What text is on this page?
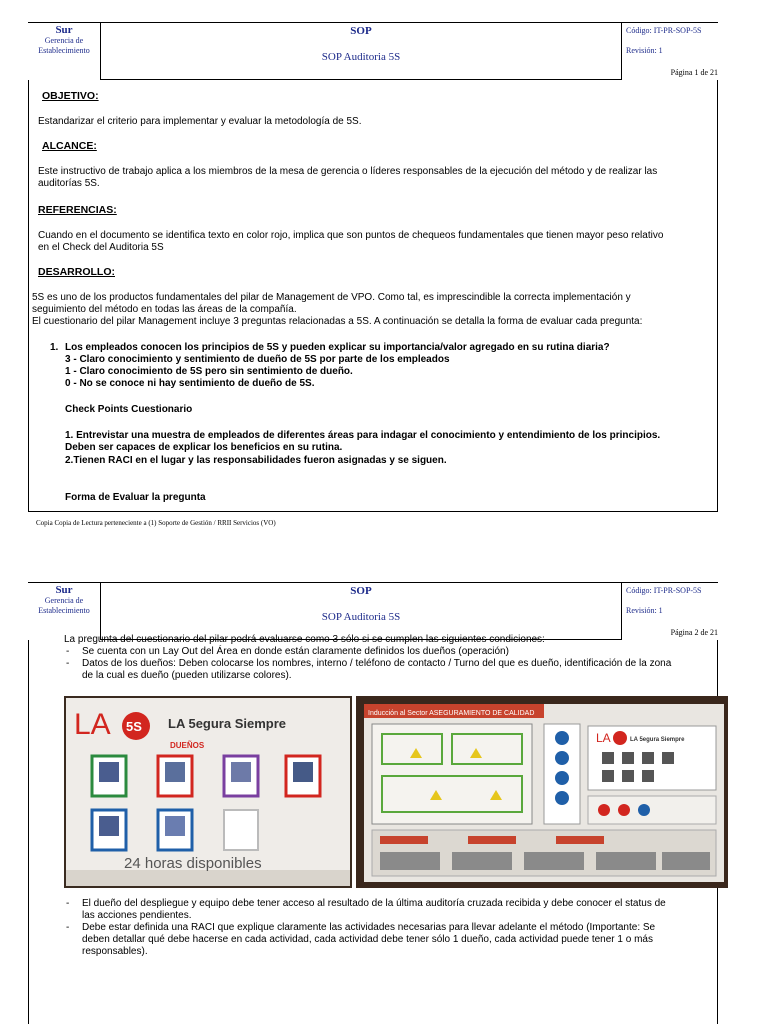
Sur
Gerencia de
Establecimiento
SOP
SOP Auditoria 5S
Código: IT-PR-SOP-5S
Revisión: 1
Página 1 de 21
OBJETIVO:
Estandarizar el criterio para implementar y evaluar la metodología de 5S.
ALCANCE:
Este instructivo de trabajo aplica a los miembros de la mesa de gerencia o líderes responsables de la ejecución del método y de realizar las
auditorías 5S.
REFERENCIAS:
Cuando en el documento se identifica texto en color rojo, implica que son puntos de chequeos fundamentales que tienen mayor peso relativo
en el Check del Auditoria 5S
DESARROLLO:
5S es uno de los productos fundamentales del pilar de Management de VPO. Como tal, es imprescindible la correcta implementación y
seguimiento del método en todas las áreas de la compañía.
El cuestionario del pilar Management incluye 3 preguntas relacionadas a 5S. A continuación se detalla la forma de evaluar cada pregunta:
1. Los empleados conocen los principios de 5S y pueden explicar su importancia/valor agregado en su rutina diaria?
3 - Claro conocimiento y sentimiento de dueño de 5S por parte de los empleados
1 - Claro conocimiento de 5S pero sin sentimiento de dueño.
0 - No se conoce ni hay sentimiento de dueño de 5S.
Check Points Cuestionario
1. Entrevistar una muestra de empleados de diferentes áreas para indagar el conocimiento y entendimiento de los principios.
Deben ser capaces de explicar los beneficios en su rutina.
2.Tienen RACI en el lugar y las responsabilidades fueron asignadas y se siguen.
Forma de Evaluar la pregunta
Copia Copia de Lectura perteneciente a (1) Soporte de Gestión / RRII Servicios (VO)
Sur
Gerencia de
Establecimiento
SOP
SOP Auditoria 5S
Código: IT-PR-SOP-5S
Revisión: 1
Página 2 de 21
La pregunta del cuestionario del pilar podrá evaluarse como 3 sólo si se cumplen las siguientes condiciones:
- Se cuenta con un Lay Out del Área en donde están claramente definidos los dueños (operación)
- Datos de los dueños: Deben colocarse los nombres, interno / teléfono de contacto / Turno del que es dueño, identificación de la zona
de la cual es dueño (pueden utilizarse colores).
LA 5S LA 5egura Siempre
DUEÑOS
24 horas disponibles
Inducción al Sector ASEGURAMIENTO DE CALIDAD
LA	LA 5egura Siempre
- El dueño del despliegue y equipo debe tener acceso al resultado de la última auditoría cruzada recibida y debe conocer el status de
las acciones pendientes.
- Debe estar definida una RACI que explique claramente las actividades necesarias para llevar adelante el método (Importante: Se
deben detallar qué debe hacerse en cada actividad, cada actividad debe tener sólo 1 dueño, cada actividad puede tener 1 o más
responsables).
